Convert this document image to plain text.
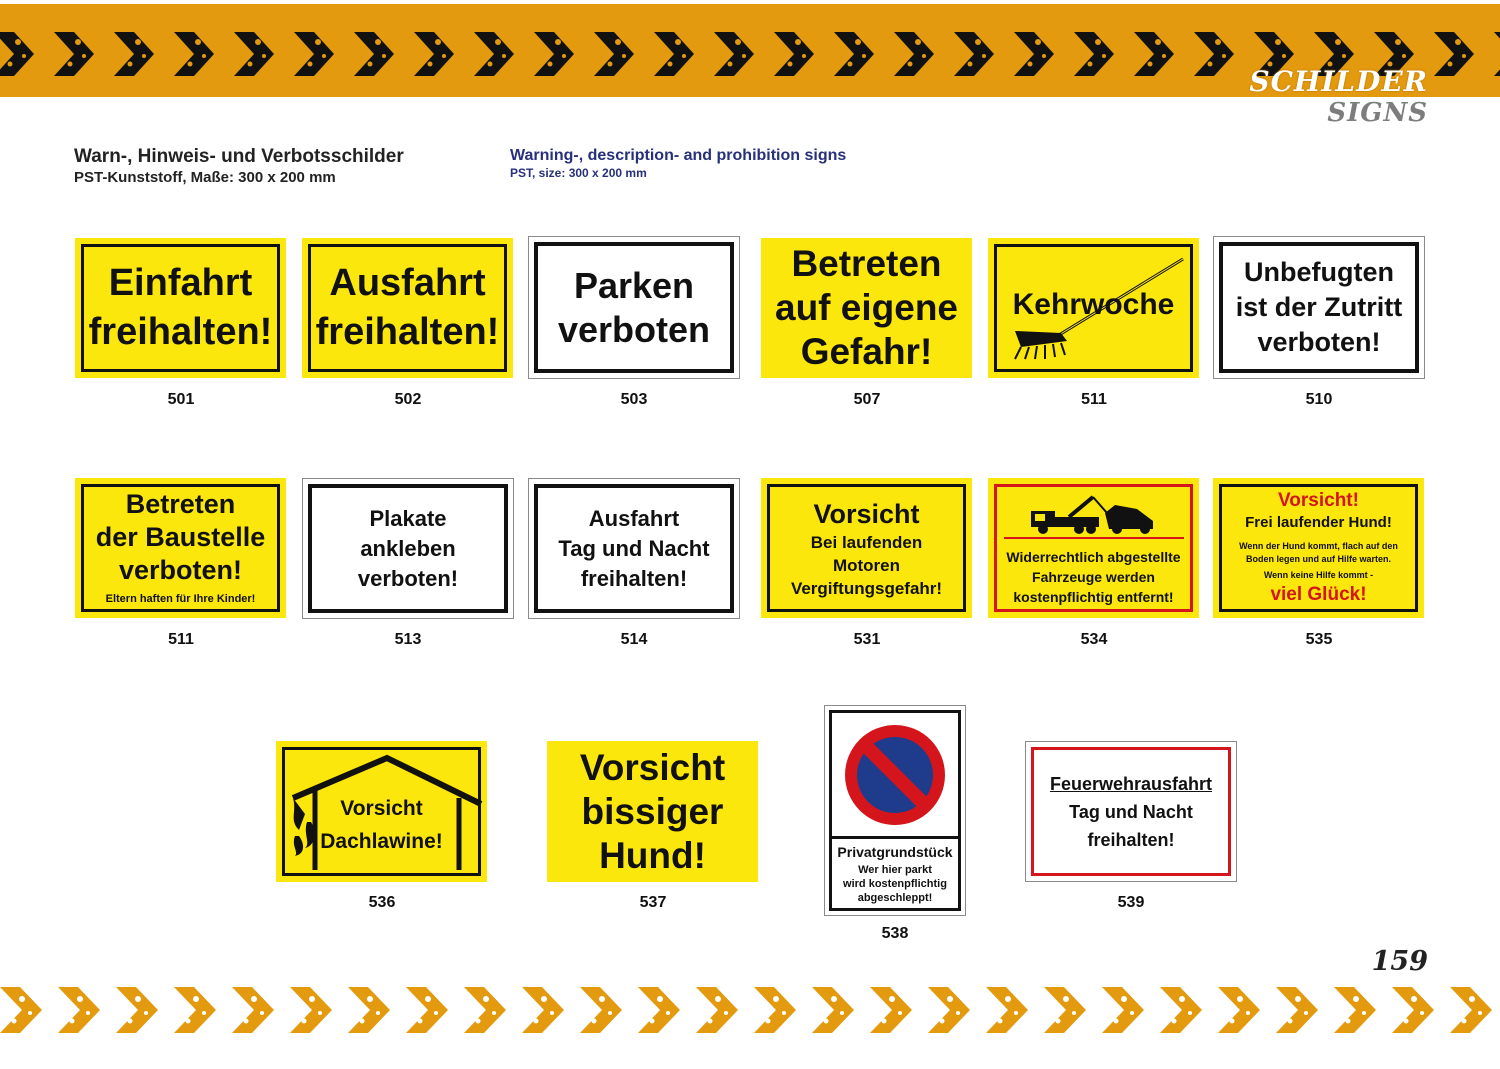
SCHILDER
SIGNS
Warn-, Hinweis- und Verbotsschilder
PST-Kunststoff, Maße: 300 x 200 mm
Warning-, description- and prohibition signs
PST, size: 300 x 200 mm
Einfahrt
freihalten!
501
Ausfahrt
freihalten!
502
Parken
verboten
503
Betreten
auf eigene
Gefahr!
507
Kehrwoche
511
Unbefugten
ist der Zutritt
verboten!
510
Betreten
der Baustelle
verboten!
Eltern haften für Ihre Kinder!
511
Plakate
ankleben
verboten!
513
Ausfahrt
Tag und Nacht
freihalten!
514
Vorsicht
Bei laufenden
Motoren
Vergiftungsgefahr!
531
Widerrechtlich abgestellte
Fahrzeuge werden
kostenpflichtig entfernt!
534
Vorsicht!
Frei laufender Hund!
Wenn der Hund kommt, flach auf den
Boden legen und auf Hilfe warten.
Wenn keine Hilfe kommt -
viel Glück!
535
Vorsicht
Dachlawine!
536
Vorsicht
bissiger
Hund!
537
Privatgrundstück
Wer hier parkt
wird kostenpflichtig
abgeschleppt!
538
Feuerwehrausfahrt
Tag und Nacht
freihalten!
539
159
